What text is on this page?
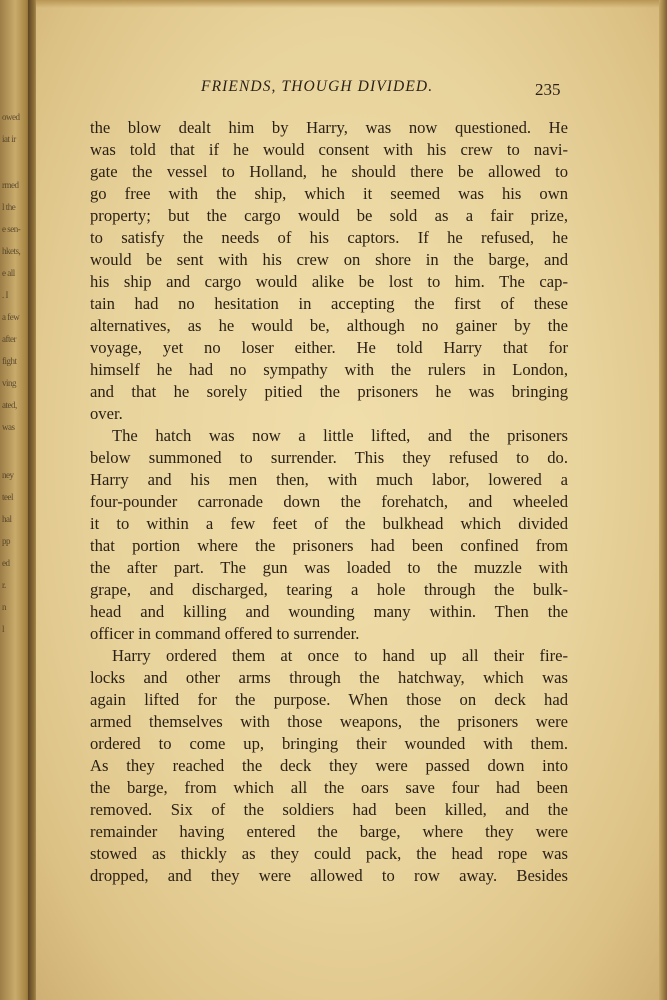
owed
iat ir
rmed
l the
e sen-
hkets,
e all
. I
a few
after
fight
ving
ated,
was
ney
teel
hal
pp
ed
r.
n
l
FRIENDS, THOUGH DIVIDED.	235
the blow dealt him by Harry, was now questioned. He
was told that if he would consent with his crew to navi-
gate the vessel to Holland, he should there be allowed to
go free with the ship, which it seemed was his own
property; but the cargo would be sold as a fair prize,
to satisfy the needs of his captors. If he refused, he
would be sent with his crew on shore in the barge, and
his ship and cargo would alike be lost to him. The cap-
tain had no hesitation in accepting the first of these
alternatives, as he would be, although no gainer by the
voyage, yet no loser either. He told Harry that for
himself he had no sympathy with the rulers in London,
and that he sorely pitied the prisoners he was bringing
over.
The hatch was now a little lifted, and the prisoners
below summoned to surrender. This they refused to do.
Harry and his men then, with much labor, lowered a
four-pounder carronade down the forehatch, and wheeled
it to within a few feet of the bulkhead which divided
that portion where the prisoners had been confined from
the after part. The gun was loaded to the muzzle with
grape, and discharged, tearing a hole through the bulk-
head and killing and wounding many within. Then the
officer in command offered to surrender.
Harry ordered them at once to hand up all their fire-
locks and other arms through the hatchway, which was
again lifted for the purpose. When those on deck had
armed themselves with those weapons, the prisoners were
ordered to come up, bringing their wounded with them.
As they reached the deck they were passed down into
the barge, from which all the oars save four had been
removed. Six of the soldiers had been killed, and the
remainder having entered the barge, where they were
stowed as thickly as they could pack, the head rope was
dropped, and they were allowed to row away. Besides
